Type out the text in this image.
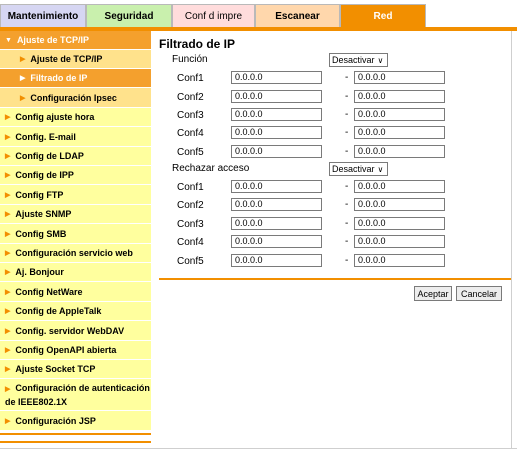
Mantenimiento	Seguridad	Conf d impre	Escanear	Red
▼ Ajuste de TCP/IP
▶ Ajuste de TCP/IP
▶ Filtrado de IP
▶ Configuración Ipsec
▶ Config ajuste hora
▶ Config. E-mail
▶ Config de LDAP
▶ Config de IPP
▶ Config FTP
▶ Ajuste SNMP
▶ Config SMB
▶ Configuración servicio web
▶ Aj. Bonjour
▶ Config NetWare
▶ Config de AppleTalk
▶ Config. servidor WebDAV
▶ Config OpenAPI abierta
▶ Ajuste Socket TCP
▶ Configuración de autenticación
de IEEE802.1X
▶ Configuración JSP
Filtrado de IP
Función	Desactivar ∨
Conf1	0.0.0.0	-	0.0.0.0
Conf2	0.0.0.0	-	0.0.0.0
Conf3	0.0.0.0	-	0.0.0.0
Conf4	0.0.0.0	-	0.0.0.0
Conf5	0.0.0.0	-	0.0.0.0
Rechazar acceso	Desactivar ∨
Conf1	0.0.0.0	-	0.0.0.0
Conf2	0.0.0.0	-	0.0.0.0
Conf3	0.0.0.0	-	0.0.0.0
Conf4	0.0.0.0	-	0.0.0.0
Conf5	0.0.0.0	-	0.0.0.0
Aceptar	Cancelar
